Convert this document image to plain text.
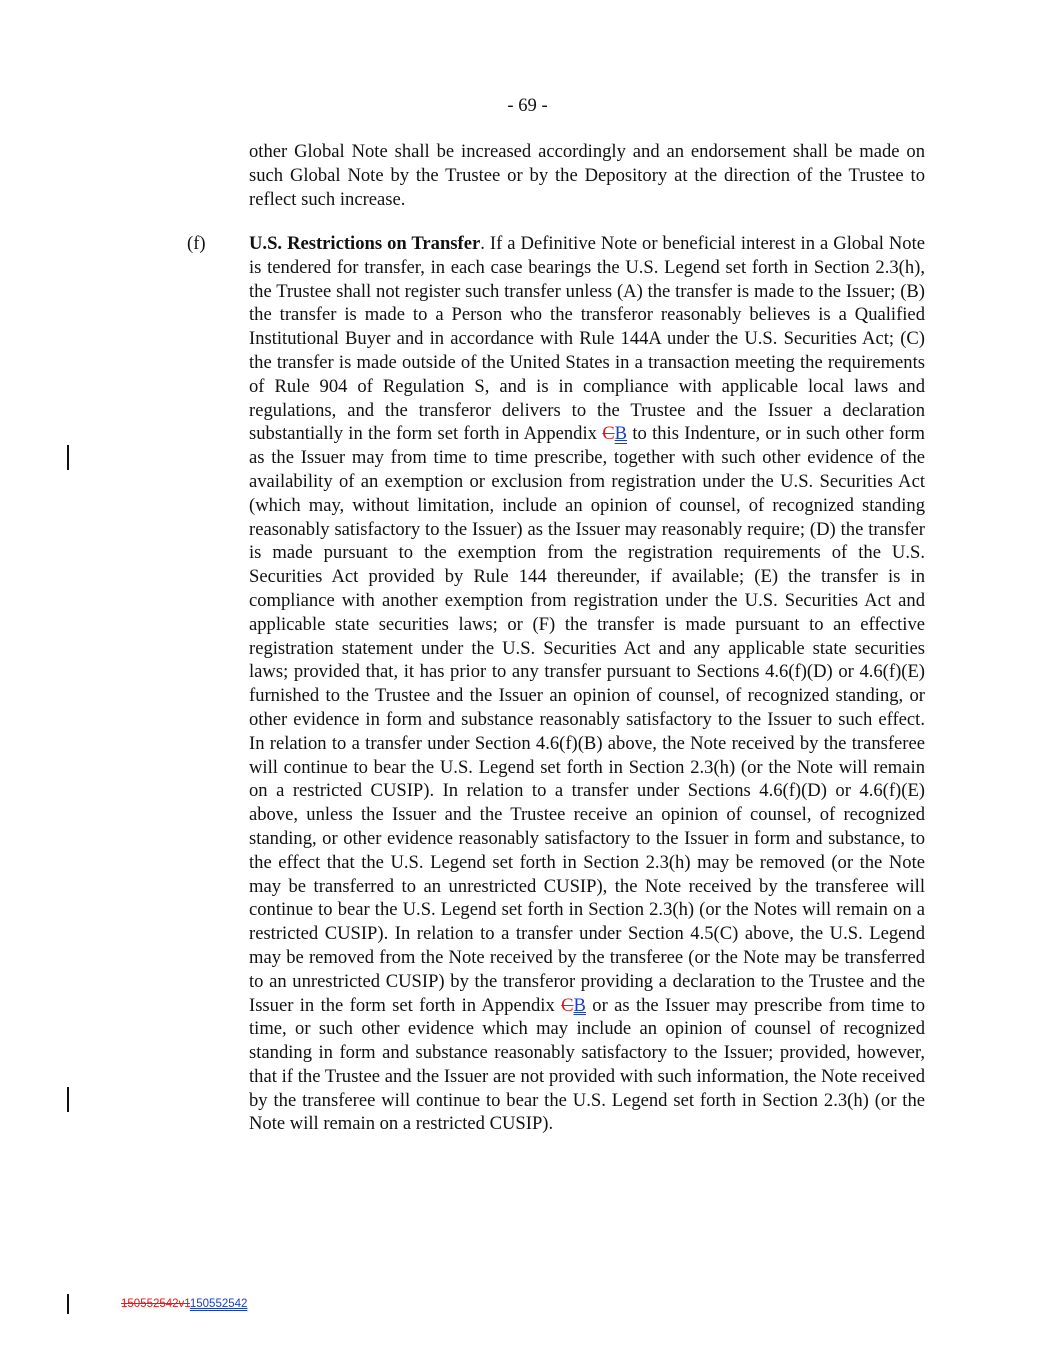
- 69 -

other Global Note shall be increased accordingly and an endorsement shall be made on such Global Note by the Trustee or by the Depository at the direction of the Trustee to reflect such increase.

(f) U.S. Restrictions on Transfer. If a Definitive Note or beneficial interest in a Global Note is tendered for transfer, in each case bearings the U.S. Legend set forth in Section 2.3(h), the Trustee shall not register such transfer unless (A) the transfer is made to the Issuer; (B) the transfer is made to a Person who the transferor reasonably believes is a Qualified Institutional Buyer and in accordance with Rule 144A under the U.S. Securities Act; (C) the transfer is made outside of the United States in a transaction meeting the requirements of Rule 904 of Regulation S, and is in compliance with applicable local laws and regulations, and the transferor delivers to the Trustee and the Issuer a declaration substantially in the form set forth in Appendix CB to this Indenture, or in such other form as the Issuer may from time to time prescribe, together with such other evidence of the availability of an exemption or exclusion from registration under the U.S. Securities Act (which may, without limitation, include an opinion of counsel, of recognized standing reasonably satisfactory to the Issuer) as the Issuer may reasonably require; (D) the transfer is made pursuant to the exemption from the registration requirements of the U.S. Securities Act provided by Rule 144 thereunder, if available; (E) the transfer is in compliance with another exemption from registration under the U.S. Securities Act and applicable state securities laws; or (F) the transfer is made pursuant to an effective registration statement under the U.S. Securities Act and any applicable state securities laws; provided that, it has prior to any transfer pursuant to Sections 4.6(f)(D) or 4.6(f)(E) furnished to the Trustee and the Issuer an opinion of counsel, of recognized standing, or other evidence in form and substance reasonably satisfactory to the Issuer to such effect. In relation to a transfer under Section 4.6(f)(B) above, the Note received by the transferee will continue to bear the U.S. Legend set forth in Section 2.3(h) (or the Note will remain on a restricted CUSIP). In relation to a transfer under Sections 4.6(f)(D) or 4.6(f)(E) above, unless the Issuer and the Trustee receive an opinion of counsel, of recognized standing, or other evidence reasonably satisfactory to the Issuer in form and substance, to the effect that the U.S. Legend set forth in Section 2.3(h) may be removed (or the Note may be transferred to an unrestricted CUSIP), the Note received by the transferee will continue to bear the U.S. Legend set forth in Section 2.3(h) (or the Notes will remain on a restricted CUSIP). In relation to a transfer under Section 4.5(C) above, the U.S. Legend may be removed from the Note received by the transferee (or the Note may be transferred to an unrestricted CUSIP) by the transferor providing a declaration to the Trustee and the Issuer in the form set forth in Appendix CB or as the Issuer may prescribe from time to time, or such other evidence which may include an opinion of counsel of recognized standing in form and substance reasonably satisfactory to the Issuer; provided, however, that if the Trustee and the Issuer are not provided with such information, the Note received by the transferee will continue to bear the U.S. Legend set forth in Section 2.3(h) (or the Note will remain on a restricted CUSIP).

150552542v1150552542
